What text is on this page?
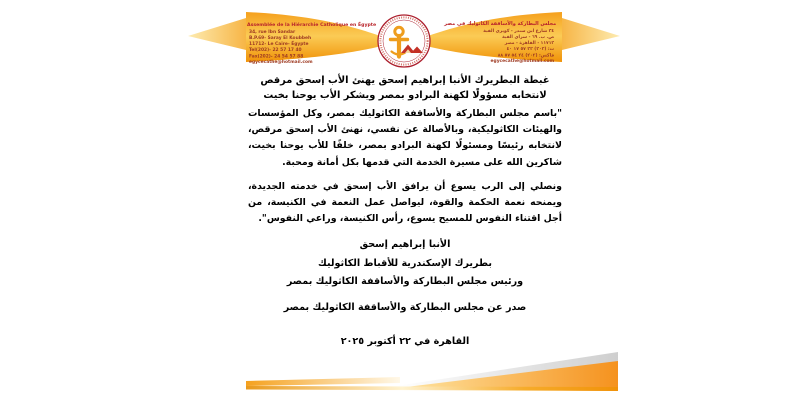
Assemblée de la Hiérarchie Catholique en Égypte	مجلس البطاركة والأساقفة الكاثوليك في مصر
34, rue Ibn Sandar
B.P.69- Saray El Koubbeh
11712- Le Caire- Égypte
Tel(202)- 22 57 17 40
Fax(202)- 24 54 57 88
egycecathe@hotmail.com
٣٤ شارع ابن سندر - كوبري القبة
ص. ب. ٦٩ - سراي القبة
١١٧١٢ - القاهرة - مصر
ت: (٢٠٢) ٢٢ ٥٧ ١٧ ٤٠
فاكس: (٢٠٢) ٢٤ ٥٤ ٥٧ ٨٨
egycecathe@hotmail.com
غبطة البطريرك الأنبا إبراهيم إسحق يهنئ الأب إسحق مرقص
لانتخابه مسؤولًا لكهنة البرادو بمصر ويشكر الأب يوحنا بخيت
"باسم مجلس البطاركة والأساقفة الكاثوليك بمصر، وكل المؤسسات والهيئات الكاثوليكية، وبالأصالة عن نفسي، نهنئ الأب إسحق مرقص، لانتخابه رئيسًا ومسئولًا لكهنة البرادو بمصر، خلفًا للأب يوحنا بخيت، شاكرين الله على مسيرة الخدمة التي قدمها بكل أمانة ومحبة.
ونصلي إلى الرب يسوع أن يرافق الأب إسحق في خدمته الجديدة، ويمنحه نعمة الحكمة والقوة، ليواصل عمل النعمة في الكنيسة، من أجل اقتناء النفوس للمسيح يسوع، رأس الكنيسة، وراعي النفوس".
الأنبا إبراهيم إسحق
بطريرك الإسكندرية للأقباط الكاثوليك
ورئيس مجلس البطاركة والأساقفة الكاثوليك بمصر
صدر عن مجلس البطاركة والأساقفة الكاثوليك بمصر
القاهرة في ٢٢ أكتوبر ٢٠٢٥
